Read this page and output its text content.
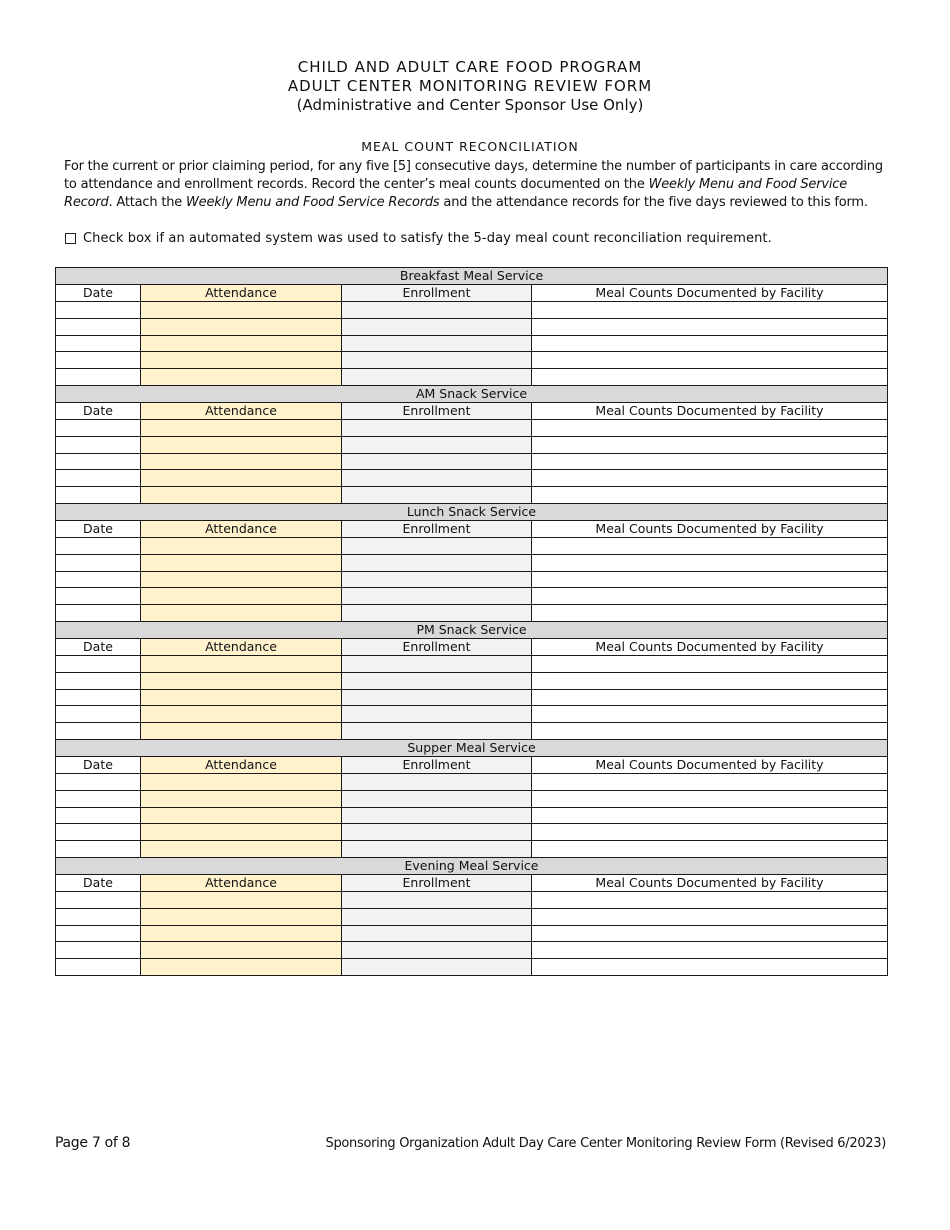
CHILD AND ADULT CARE FOOD PROGRAM
ADULT CENTER MONITORING REVIEW FORM
(Administrative and Center Sponsor Use Only)
MEAL COUNT RECONCILIATION
For the current or prior claiming period, for any five [5] consecutive days, determine the number of participants in care according to attendance and enrollment records. Record the center’s meal counts documented on the Weekly Menu and Food Service Record. Attach the Weekly Menu and Food Service Records and the attendance records for the five days reviewed to this form.
Check box if an automated system was used to satisfy the 5-day meal count reconciliation requirement.
Breakfast Meal Service			
Date	Attendance	Enrollment	Meal Counts Documented by Facility

AM Snack Service			
Date	Attendance	Enrollment	Meal Counts Documented by Facility

Lunch Snack Service			
Date	Attendance	Enrollment	Meal Counts Documented by Facility

PM Snack Service			
Date	Attendance	Enrollment	Meal Counts Documented by Facility

Supper Meal Service			
Date	Attendance	Enrollment	Meal Counts Documented by Facility

Evening Meal Service			
Date	Attendance	Enrollment	Meal Counts Documented by Facility

Page 7 of 8	Sponsoring Organization Adult Day Care Center Monitoring Review Form (Revised 6/2023)
